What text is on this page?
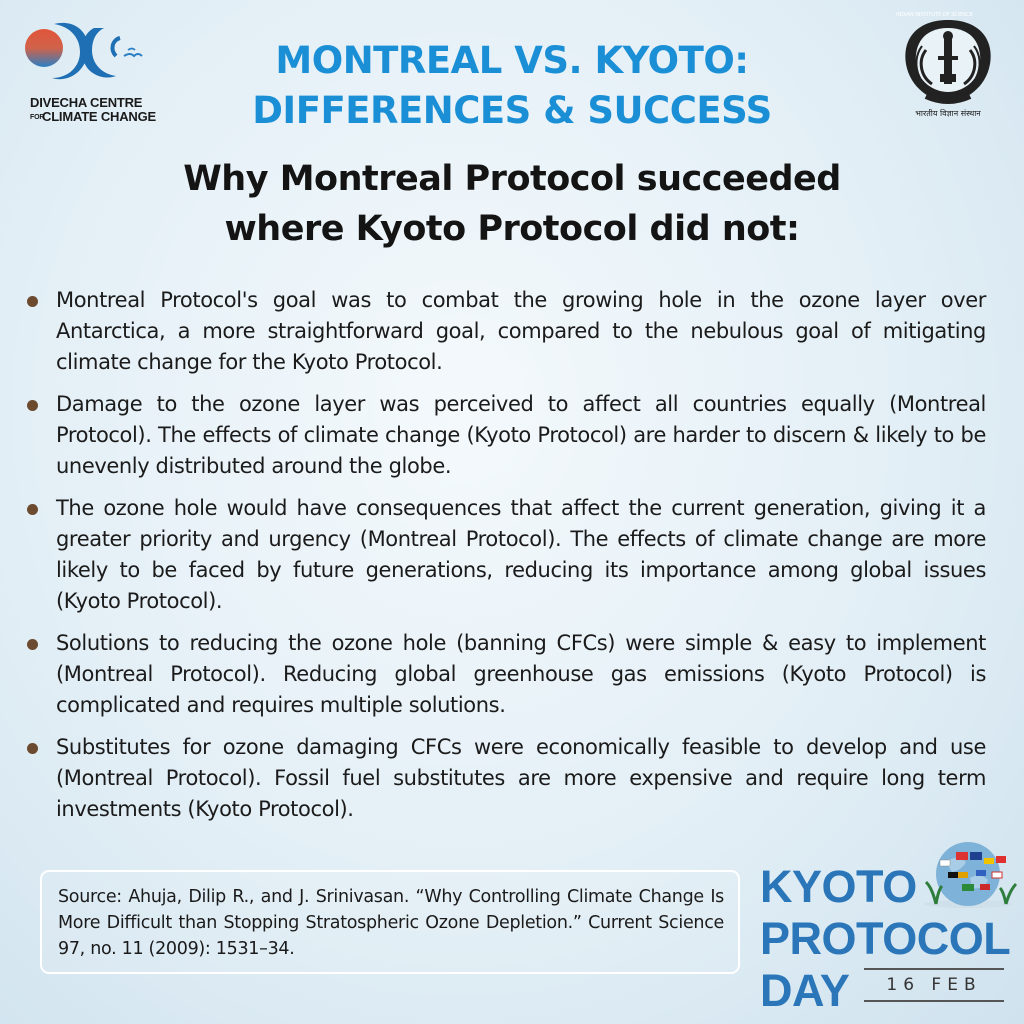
DIVECHA CENTRE
FORCLIMATE CHANGE
INDIAN INSTITUTE OF SCIENCE
भारतीय विज्ञान संस्थान
MONTREAL VS. KYOTO:
DIFFERENCES & SUCCESS
Why Montreal Protocol succeeded
where Kyoto Protocol did not:
Montreal Protocol's goal was to combat the growing hole in the ozone layer over Antarctica, a more straightforward goal, compared to the nebulous goal of mitigating climate change for the Kyoto Protocol.
Damage to the ozone layer was perceived to affect all countries equally (Montreal Protocol). The effects of climate change (Kyoto Protocol) are harder to discern & likely to be unevenly distributed around the globe.
The ozone hole would have consequences that affect the current generation, giving it a greater priority and urgency (Montreal Protocol). The effects of climate change are more likely to be faced by future generations, reducing its importance among global issues (Kyoto Protocol).
Solutions to reducing the ozone hole (banning CFCs) were simple & easy to implement (Montreal Protocol). Reducing global greenhouse gas emissions (Kyoto Protocol) is complicated and requires multiple solutions.
Substitutes for ozone damaging CFCs were economically feasible to develop and use (Montreal Protocol). Fossil fuel substitutes are more expensive and require long term investments (Kyoto Protocol).
Source: Ahuja, Dilip R., and J. Srinivasan. “Why Controlling Climate Change Is More Difficult than Stopping Stratospheric Ozone Depletion.” Current Science 97, no. 11 (2009): 1531–34.
KYOTO
PROTOCOL
DAY	16 FEB
